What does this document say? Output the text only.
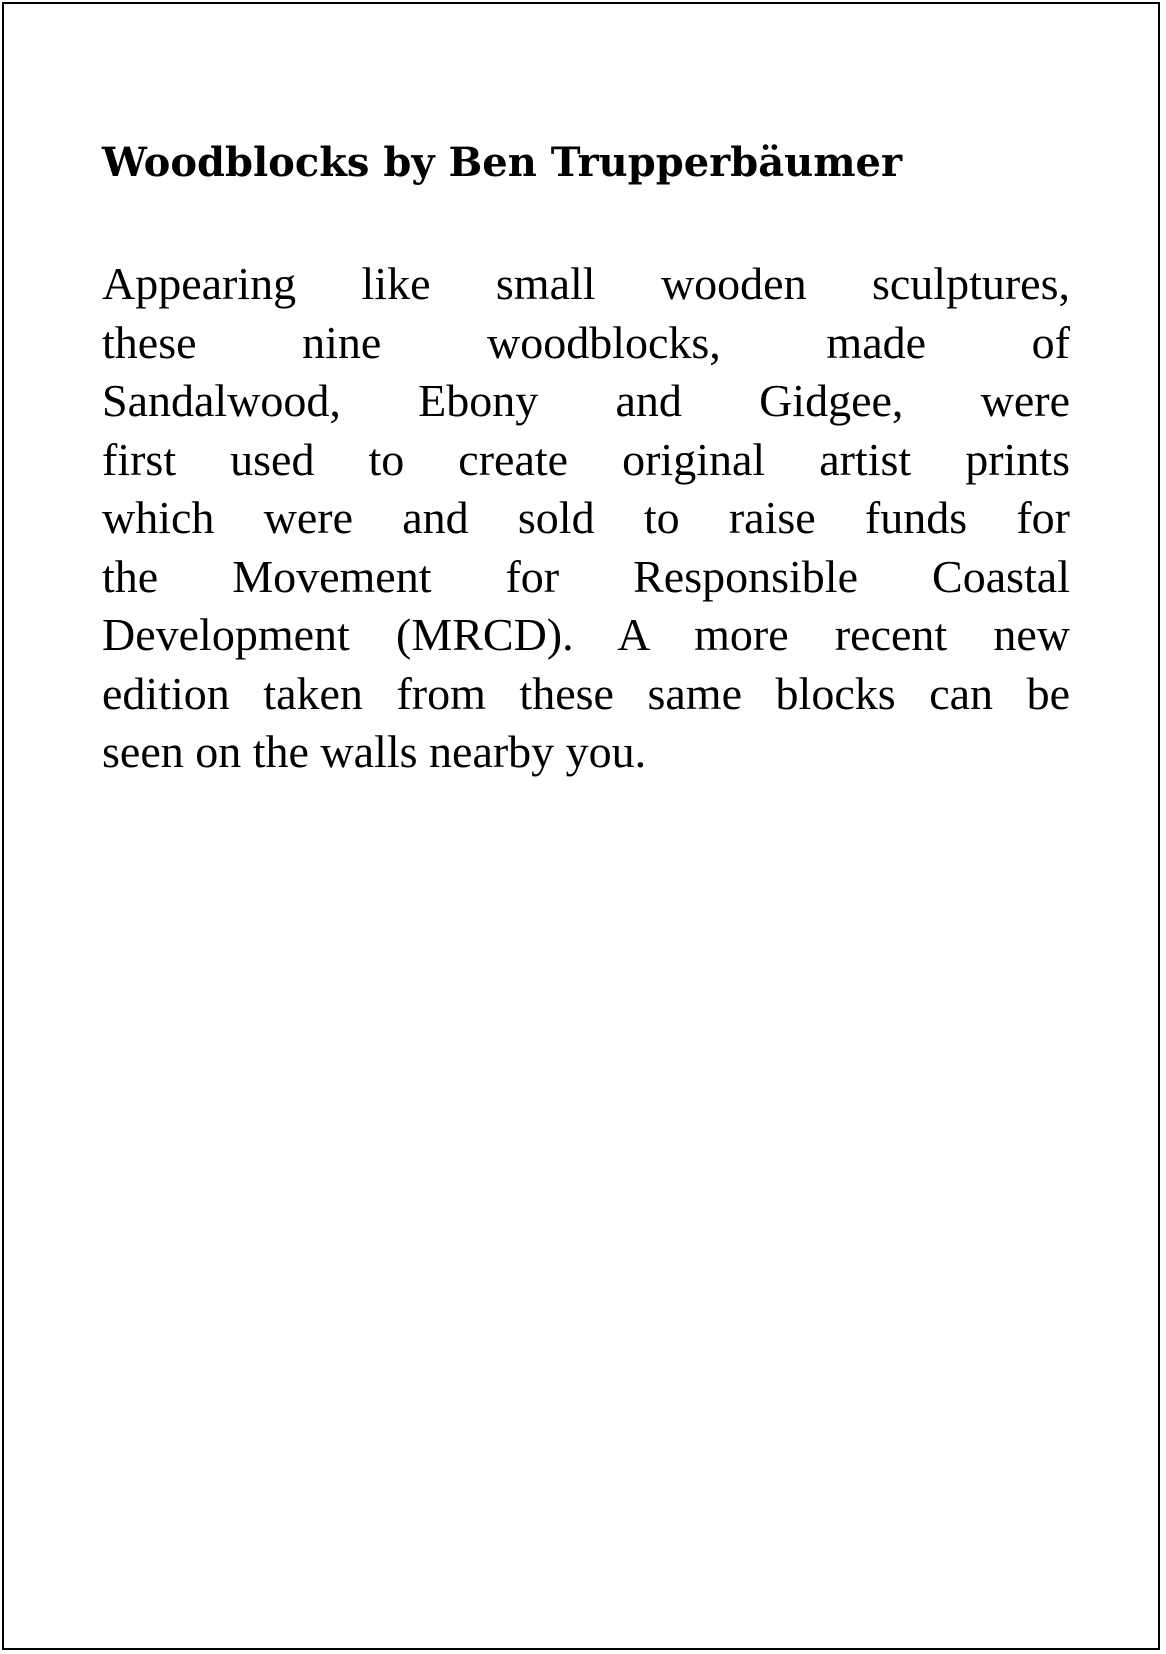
Woodblocks by Ben Trupperbäumer
Appearing like small wooden sculptures,
these nine woodblocks, made of
Sandalwood, Ebony and Gidgee, were
first used to create original artist prints
which were and sold to raise funds for
the Movement for Responsible Coastal
Development (MRCD). A more recent new
edition taken from these same blocks can be
seen on the walls nearby you.
